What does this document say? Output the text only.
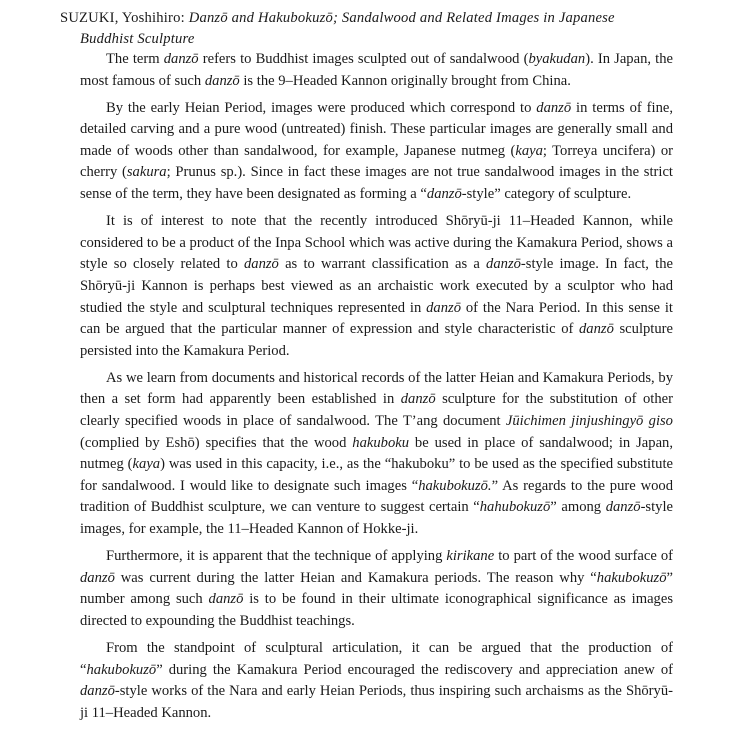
SUZUKI, Yoshihiro: Danzō and Hakubokuzō; Sandalwood and Related Images in Japanese
Buddhist Sculpture

The term danzō refers to Buddhist images sculpted out of sandalwood (byakudan). In Japan, the most famous of such danzō is the 9–Headed Kannon originally brought from China.

By the early Heian Period, images were produced which correspond to danzō in terms of fine, detailed carving and a pure wood (untreated) finish. These particular images are generally small and made of woods other than sandalwood, for example, Japanese nutmeg (kaya; Torreya uncifera) or cherry (sakura; Prunus sp.). Since in fact these images are not true sandalwood images in the strict sense of the term, they have been designated as forming a “danzō-style” category of sculpture.

It is of interest to note that the recently introduced Shōryū-ji 11–Headed Kannon, while considered to be a product of the Inpa School which was active during the Kamakura Period, shows a style so closely related to danzō as to warrant classification as a danzō-style image. In fact, the Shōryū-ji Kannon is perhaps best viewed as an archaistic work executed by a sculptor who had studied the style and sculptural techniques represented in danzō of the Nara Period. In this sense it can be argued that the particular manner of expression and style characteristic of danzō sculpture persisted into the Kamakura Period.

As we learn from documents and historical records of the latter Heian and Kamakura Periods, by then a set form had apparently been established in danzō sculpture for the substitution of other clearly specified woods in place of sandalwood. The T’ang document Jūichimen jinjushingyō giso (complied by Eshō) specifies that the wood hakuboku be used in place of sandalwood; in Japan, nutmeg (kaya) was used in this capacity, i.e., as the “hakuboku” to be used as the specified substitute for sandalwood. I would like to designate such images “hakubokuzō.” As regards to the pure wood tradition of Buddhist sculpture, we can venture to suggest certain “hahubokuzō” among danzō-style images, for example, the 11–Headed Kannon of Hokke-ji.

Furthermore, it is apparent that the technique of applying kirikane to part of the wood surface of danzō was current during the latter Heian and Kamakura periods. The reason why “hakubokuzō” number among such danzō is to be found in their ultimate iconographical significance as images directed to expounding the Buddhist teachings.

From the standpoint of sculptural articulation, it can be argued that the production of “hakubokuzō” during the Kamakura Period encouraged the rediscovery and appreciation anew of danzō-style works of the Nara and early Heian Periods, thus inspiring such archaisms as the Shōryū-ji 11–Headed Kannon.
